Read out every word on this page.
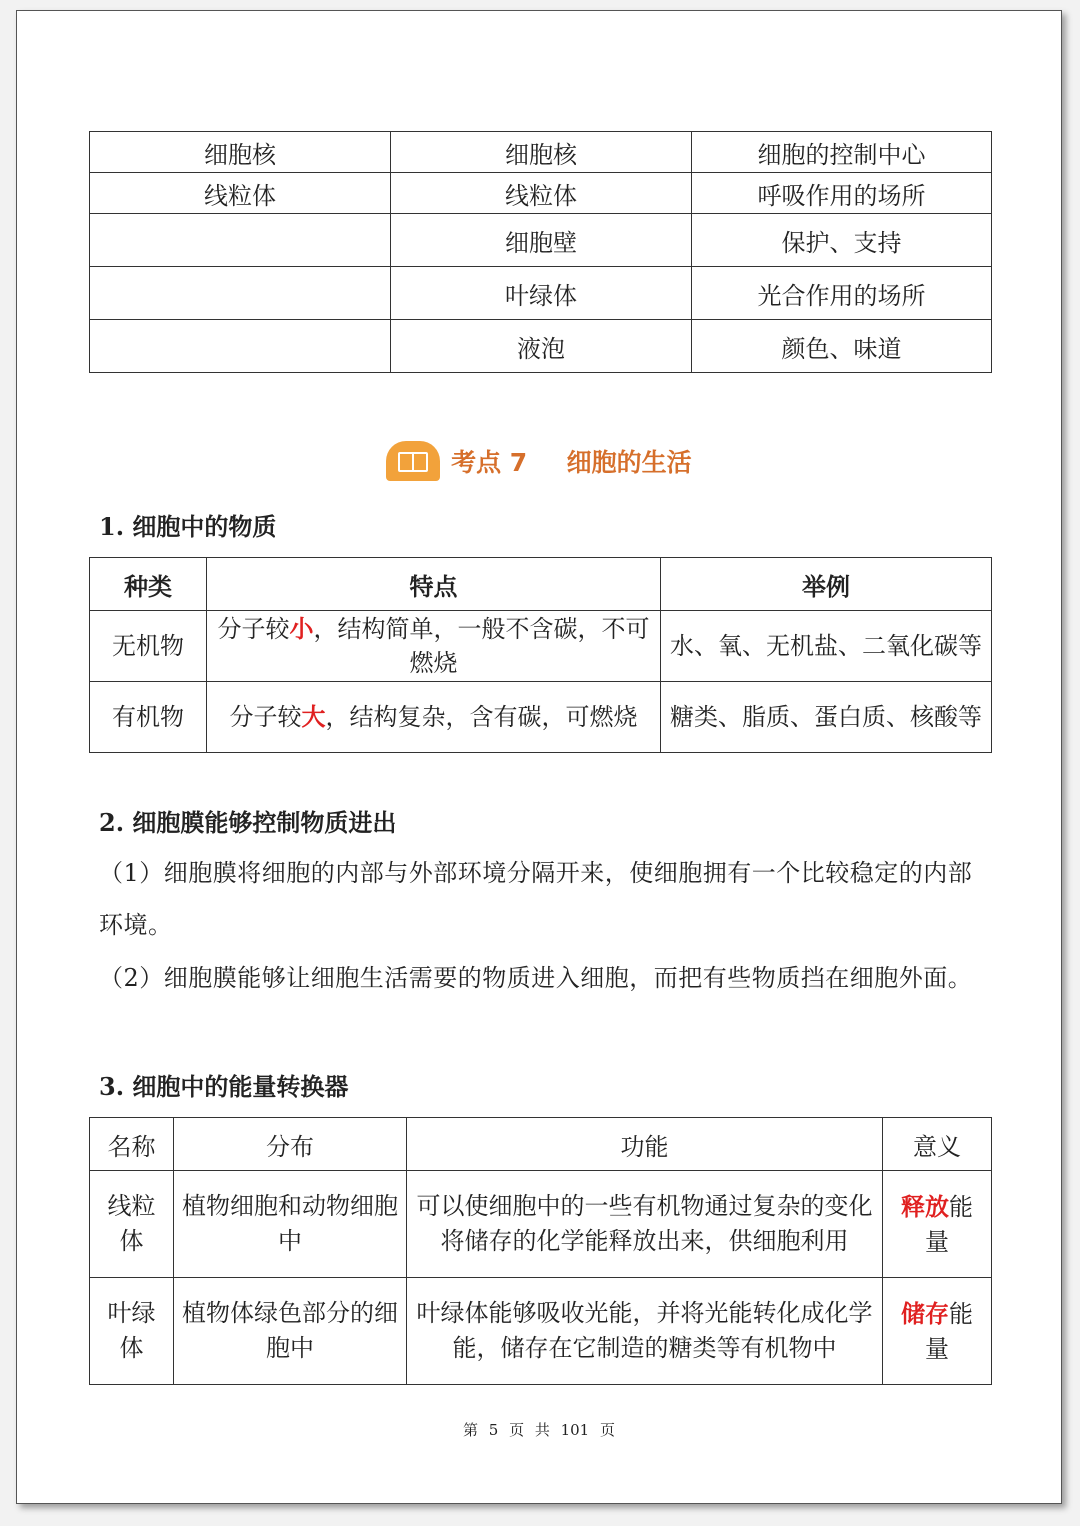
细胞核	细胞核	细胞的控制中心
线粒体	线粒体	呼吸作用的场所
	细胞壁	保护、支持
	叶绿体	光合作用的场所
	液泡	颜色、味道
考点 7 细胞的生活
1. 细胞中的物质
种类	特点	举例
无机物	分子较小，结构简单，一般不含碳，不可燃烧	水、氧、无机盐、二氧化碳等
有机物	分子较大，结构复杂，含有碳，可燃烧	糖类、脂质、蛋白质、核酸等
2. 细胞膜能够控制物质进出
（1）细胞膜将细胞的内部与外部环境分隔开来，使细胞拥有一个比较稳定的内部环境。
（2）细胞膜能够让细胞生活需要的物质进入细胞，而把有些物质挡在细胞外面。
3. 细胞中的能量转换器
名称	分布	功能	意义
线粒体	植物细胞和动物细胞中	可以使细胞中的一些有机物通过复杂的变化将储存的化学能释放出来，供细胞利用	释放能量
叶绿体	植物体绿色部分的细胞中	叶绿体能够吸收光能，并将光能转化成化学能，储存在它制造的糖类等有机物中	储存能量
第 5 页 共 101 页
